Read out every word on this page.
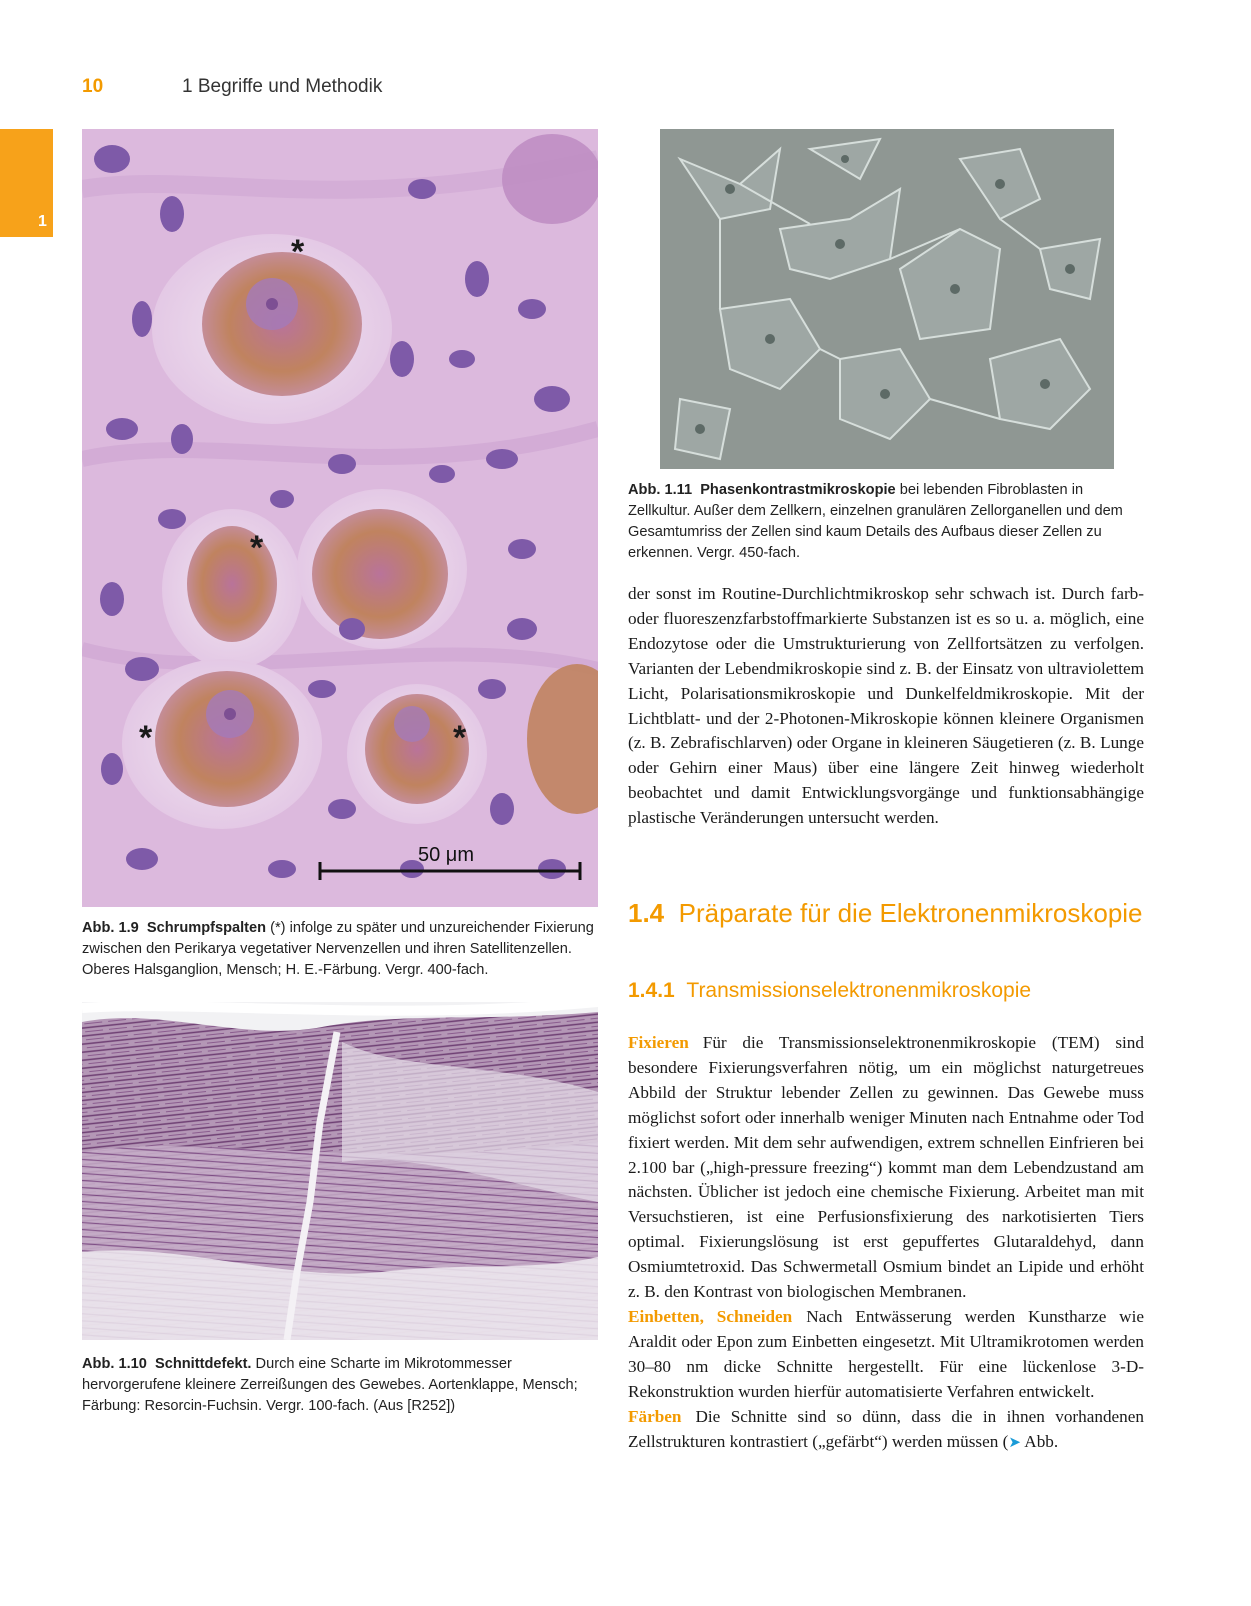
10	1 Begriffe und Methodik
1
*
*
*	*
50 μm
Abb. 1.9 Schrumpfspalten (*) infolge zu später und unzureichender Fixierung zwischen den Perikarya vegetativer Nervenzellen und ihren Satellitenzellen. Oberes Halsganglion, Mensch; H. E.-Färbung. Vergr. 400-fach.
Abb. 1.10 Schnittdefekt. Durch eine Scharte im Mikrotommesser hervorgerufene kleinere Zerreißungen des Gewebes. Aortenklappe, Mensch; Färbung: Resorcin-Fuchsin. Vergr. 100-fach. (Aus [R252])
Abb. 1.11 Phasenkontrastmikroskopie bei lebenden Fibroblasten in Zellkultur. Außer dem Zellkern, einzelnen granulären Zellorganellen und dem Gesamtumriss der Zellen sind kaum Details des Aufbaus dieser Zellen zu erkennen. Vergr. 450-fach.

der sonst im Routine-Durchlichtmikroskop sehr schwach ist. Durch farb- oder fluoreszenzfarbstoffmarkierte Substanzen ist es so u. a. möglich, eine Endozytose oder die Umstrukturierung von Zellfortsätzen zu verfolgen. Varianten der Lebendmikroskopie sind z. B. der Einsatz von ultraviolettem Licht, Polarisationsmikroskopie und Dunkelfeldmikroskopie. Mit der Lichtblatt- und der 2-Photonen-Mikroskopie können kleinere Organismen (z. B. Zebrafischlarven) oder Organe in kleineren Säugetieren (z. B. Lunge oder Gehirn einer Maus) über eine längere Zeit hinweg wiederholt beobachtet und damit Entwicklungsvorgänge und funktionsabhängige plastische Veränderungen untersucht werden.

1.4 Präparate für die Elektronenmikroskopie
1.4.1 Transmissionselektronenmikroskopie

Fixieren Für die Transmissionselektronenmikroskopie (TEM) sind besondere Fixierungsverfahren nötig, um ein möglichst naturgetreues Abbild der Struktur lebender Zellen zu gewinnen. Das Gewebe muss möglichst sofort oder innerhalb weniger Minuten nach Entnahme oder Tod fixiert werden. Mit dem sehr aufwendigen, extrem schnellen Einfrieren bei 2.100 bar („high-pressure freezing“) kommt man dem Lebendzustand am nächsten. Üblicher ist jedoch eine chemische Fixierung. Arbeitet man mit Versuchstieren, ist eine Perfusionsfixierung des narkotisierten Tiers optimal. Fixierungslösung ist erst gepuffertes Glutaraldehyd, dann Osmiumtetroxid. Das Schwermetall Osmium bindet an Lipide und erhöht z. B. den Kontrast von biologischen Membranen.

Einbetten, Schneiden Nach Entwässerung werden Kunstharze wie Araldit oder Epon zum Einbetten eingesetzt. Mit Ultramikrotomen werden 30–80 nm dicke Schnitte hergestellt. Für eine lückenlose 3-D-Rekonstruktion wurden hierfür automatisierte Verfahren entwickelt.

Färben Die Schnitte sind so dünn, dass die in ihnen vorhandenen Zellstrukturen kontrastiert („gefärbt“) werden müssen (➤ Abb.
